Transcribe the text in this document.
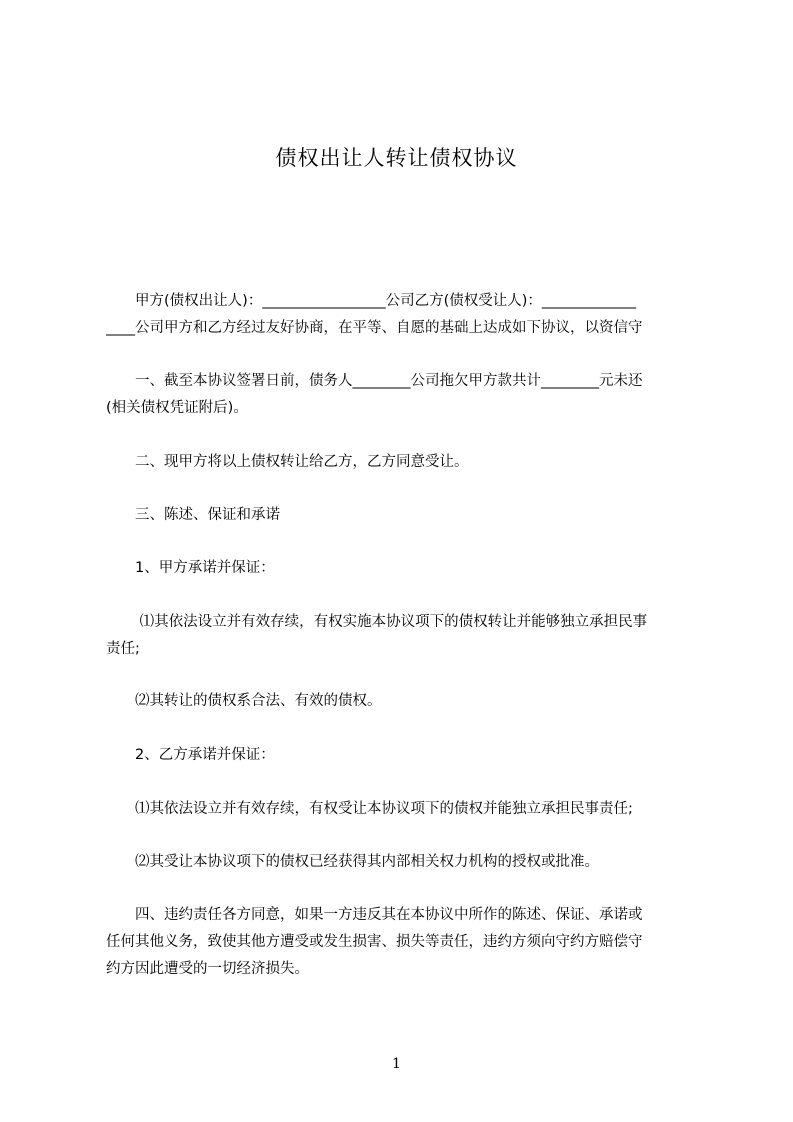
债权出让人转让债权协议
　　甲方(债权出让人)：_________________公司乙方(债权受让人)：_____________
____公司甲方和乙方经过友好协商，在平等、自愿的基础上达成如下协议，以资信守
　　一、截至本协议签署日前，债务人________公司拖欠甲方款共计________元未还
(相关债权凭证附后)。
　　二、现甲方将以上债权转让给乙方，乙方同意受让。
　　三、陈述、保证和承诺
　　1、甲方承诺并保证：
　　 ⑴其依法设立并有效存续，有权实施本协议项下的债权转让并能够独立承担民事
责任;
　　⑵其转让的债权系合法、有效的债权。
　　2、乙方承诺并保证：
　　⑴其依法设立并有效存续，有权受让本协议项下的债权并能独立承担民事责任;
　　⑵其受让本协议项下的债权已经获得其内部相关权力机构的授权或批准。
　　四、违约责任各方同意，如果一方违反其在本协议中所作的陈述、保证、承诺或
任何其他义务，致使其他方遭受或发生损害、损失等责任，违约方须向守约方赔偿守
约方因此遭受的一切经济损失。
1
